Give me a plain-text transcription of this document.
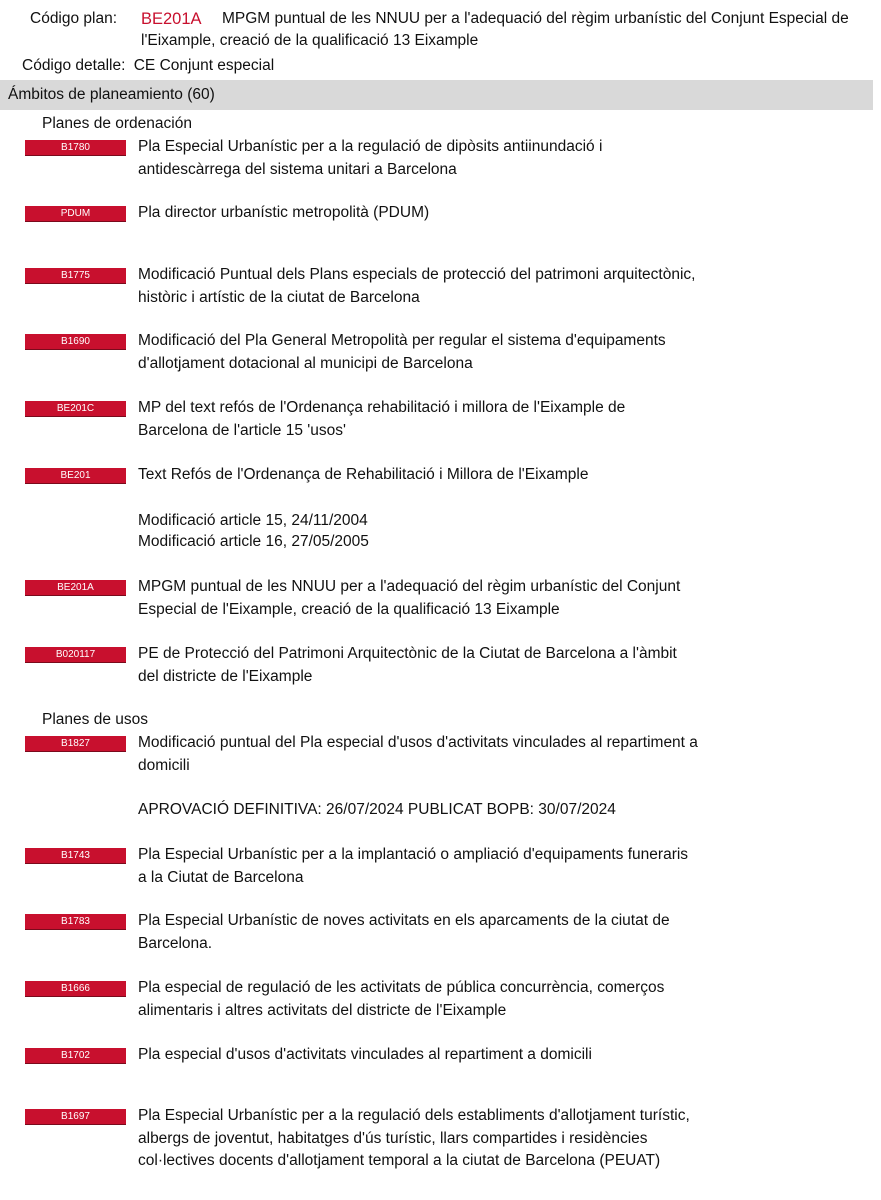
Código plan: BE201A	MPGM puntual de les NNUU per a l'adequació del règim urbanístic del Conjunt Especial de l'Eixample, creació de la qualificació 13 Eixample
Código detalle: CE Conjunt especial
Ámbitos de planeamiento (60)
Planes de ordenación
B1780	Pla Especial Urbanístic per a la regulació de dipòsits antiinundació i antidescàrrega del sistema unitari a Barcelona
PDUM	Pla director urbanístic metropolità (PDUM)
B1775	Modificació Puntual dels Plans especials de protecció del patrimoni arquitectònic, històric i artístic de la ciutat de Barcelona
B1690	Modificació del Pla General Metropolità per regular el sistema d'equipaments d'allotjament dotacional al municipi de Barcelona
BE201C	MP del text refós de l'Ordenança rehabilitació i millora de l'Eixample de Barcelona de l'article 15 'usos'
BE201	Text Refós de l'Ordenança de Rehabilitació i Millora de l'Eixample
Modificació article 15, 24/11/2004
Modificació article 16, 27/05/2005
BE201A	MPGM puntual de les NNUU per a l'adequació del règim urbanístic del Conjunt Especial de l'Eixample, creació de la qualificació 13 Eixample
B020117	PE de Protecció del Patrimoni Arquitectònic de la Ciutat de Barcelona a l'àmbit del districte de l'Eixample
Planes de usos
B1827	Modificació puntual del Pla especial d'usos d'activitats vinculades al repartiment a domicili
APROVACIÓ DEFINITIVA: 26/07/2024 PUBLICAT BOPB: 30/07/2024
B1743	Pla Especial Urbanístic per a la implantació o ampliació d'equipaments funeraris a la Ciutat de Barcelona
B1783	Pla Especial Urbanístic de noves activitats en els aparcaments de la ciutat de Barcelona.
B1666	Pla especial de regulació de les activitats de pública concurrència, comerços alimentaris i altres activitats del districte de l'Eixample
B1702	Pla especial d'usos d'activitats vinculades al repartiment a domicili
B1697	Pla Especial Urbanístic per a la regulació dels establiments d'allotjament turístic, albergs de joventut, habitatges d'ús turístic, llars compartides i residències col·lectives docents d'allotjament temporal a la ciutat de Barcelona (PEUAT)
